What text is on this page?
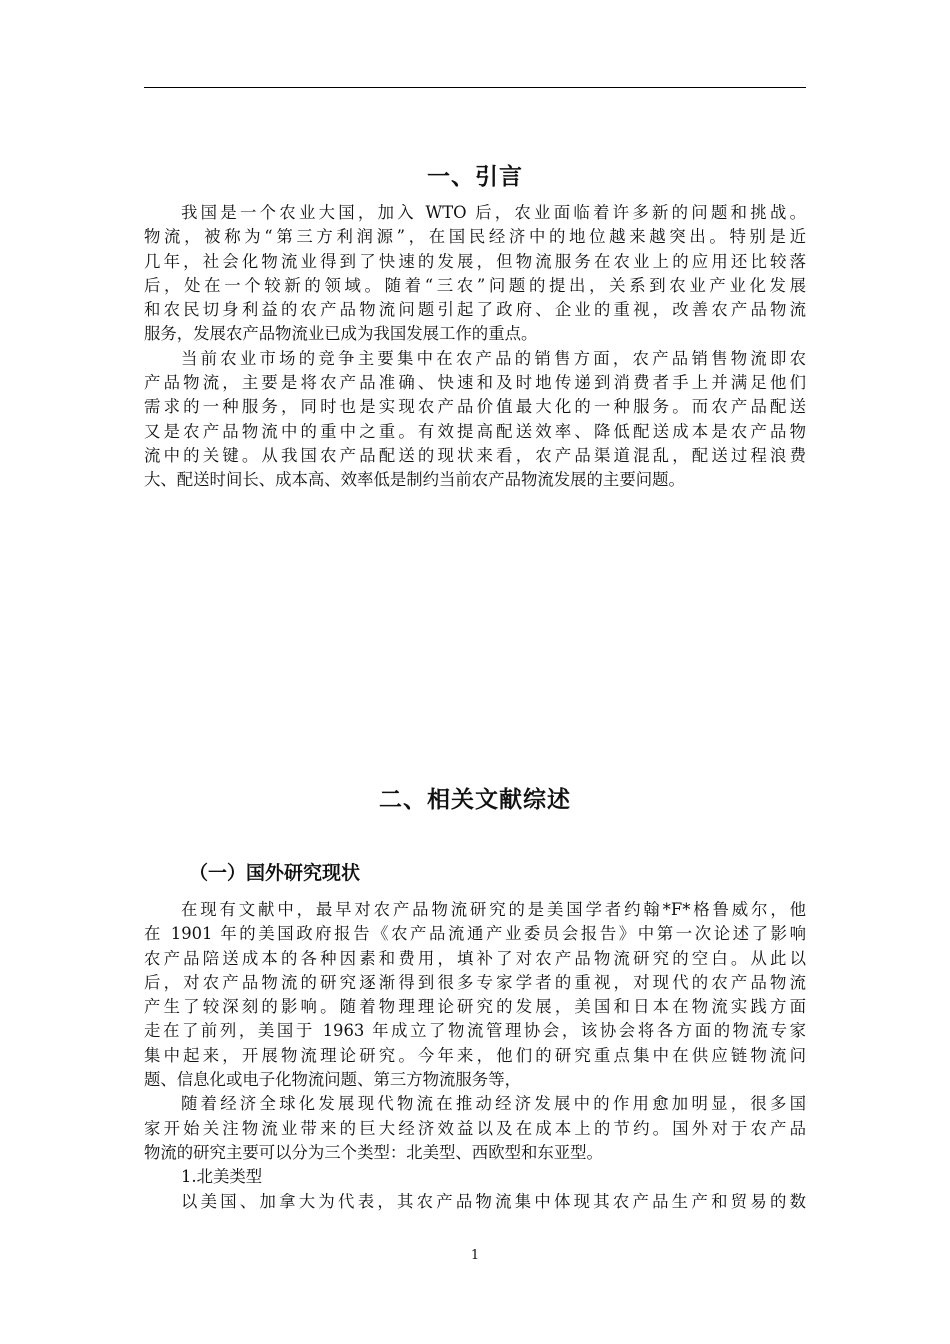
一、引言
我国是一个农业大国，加入 WTO 后，农业面临着许多新的问题和挑战。
物流，被称为“第三方利润源”，在国民经济中的地位越来越突出。特别是近
几年，社会化物流业得到了快速的发展，但物流服务在农业上的应用还比较落
后，处在一个较新的领域。随着“三农”问题的提出，关系到农业产业化发展
和农民切身利益的农产品物流问题引起了政府、企业的重视，改善农产品物流
服务，发展农产品物流业已成为我国发展工作的重点。
当前农业市场的竞争主要集中在农产品的销售方面，农产品销售物流即农
产品物流，主要是将农产品准确、快速和及时地传递到消费者手上并满足他们
需求的一种服务，同时也是实现农产品价值最大化的一种服务。而农产品配送
又是农产品物流中的重中之重。有效提高配送效率、降低配送成本是农产品物
流中的关键。从我国农产品配送的现状来看，农产品渠道混乱，配送过程浪费
大、配送时间长、成本高、效率低是制约当前农产品物流发展的主要问题。
二、相关文献综述
（一）国外研究现状
在现有文献中，最早对农产品物流研究的是美国学者约翰*F*格鲁威尔，他
在 1901 年的美国政府报告《农产品流通产业委员会报告》中第一次论述了影响
农产品陪送成本的各种因素和费用，填补了对农产品物流研究的空白。从此以
后，对农产品物流的研究逐渐得到很多专家学者的重视，对现代的农产品物流
产生了较深刻的影响。随着物理理论研究的发展，美国和日本在物流实践方面
走在了前列，美国于 1963 年成立了物流管理协会，该协会将各方面的物流专家
集中起来，开展物流理论研究。今年来，他们的研究重点集中在供应链物流问
题、信息化或电子化物流问题、第三方物流服务等，
随着经济全球化发展现代物流在推动经济发展中的作用愈加明显，很多国
家开始关注物流业带来的巨大经济效益以及在成本上的节约。国外对于农产品
物流的研究主要可以分为三个类型：北美型、西欧型和东亚型。
1.北美类型
以美国、加拿大为代表，其农产品物流集中体现其农产品生产和贸易的数
1
